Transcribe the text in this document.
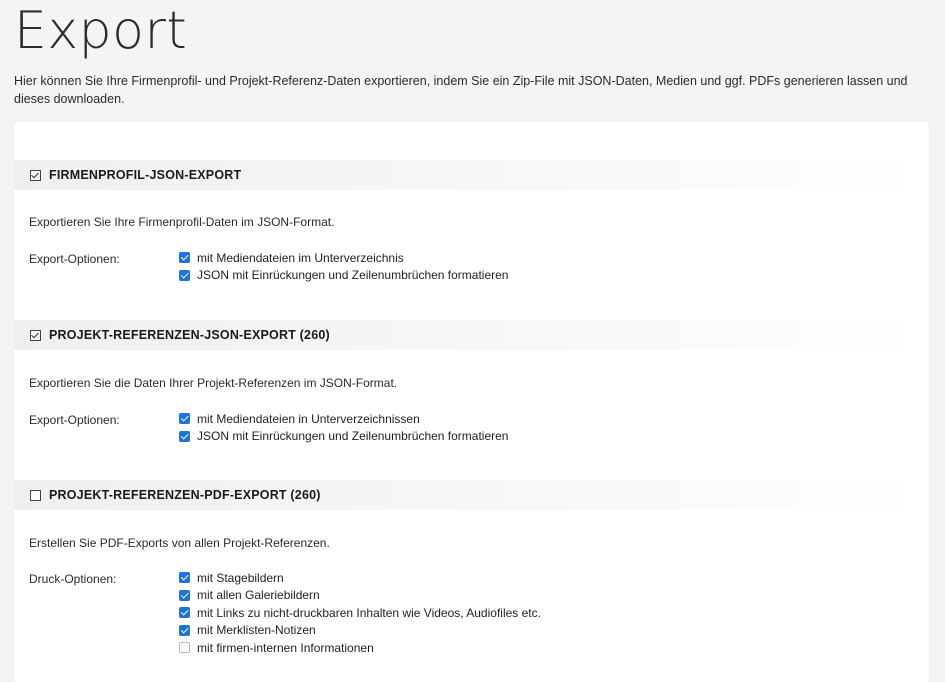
Export
Hier können Sie Ihre Firmenprofil- und Projekt-Referenz-Daten exportieren, indem Sie ein Zip-File mit JSON-Daten, Medien und ggf. PDFs generieren lassen und dieses downloaden.
FIRMENPROFIL-JSON-EXPORT
Exportieren Sie Ihre Firmenprofil-Daten im JSON-Format.
Export-Optionen:	mit Mediendateien im Unterverzeichnis
JSON mit Einrückungen und Zeilenumbrüchen formatieren
PROJEKT-REFERENZEN-JSON-EXPORT (260)
Exportieren Sie die Daten Ihrer Projekt-Referenzen im JSON-Format.
Export-Optionen:	mit Mediendateien in Unterverzeichnissen
JSON mit Einrückungen und Zeilenumbrüchen formatieren
PROJEKT-REFERENZEN-PDF-EXPORT (260)
Erstellen Sie PDF-Exports von allen Projekt-Referenzen.
Druck-Optionen:	mit Stagebildern
mit allen Galeriebildern
mit Links zu nicht-druckbaren Inhalten wie Videos, Audiofiles etc.
mit Merklisten-Notizen
mit firmen-internen Informationen
